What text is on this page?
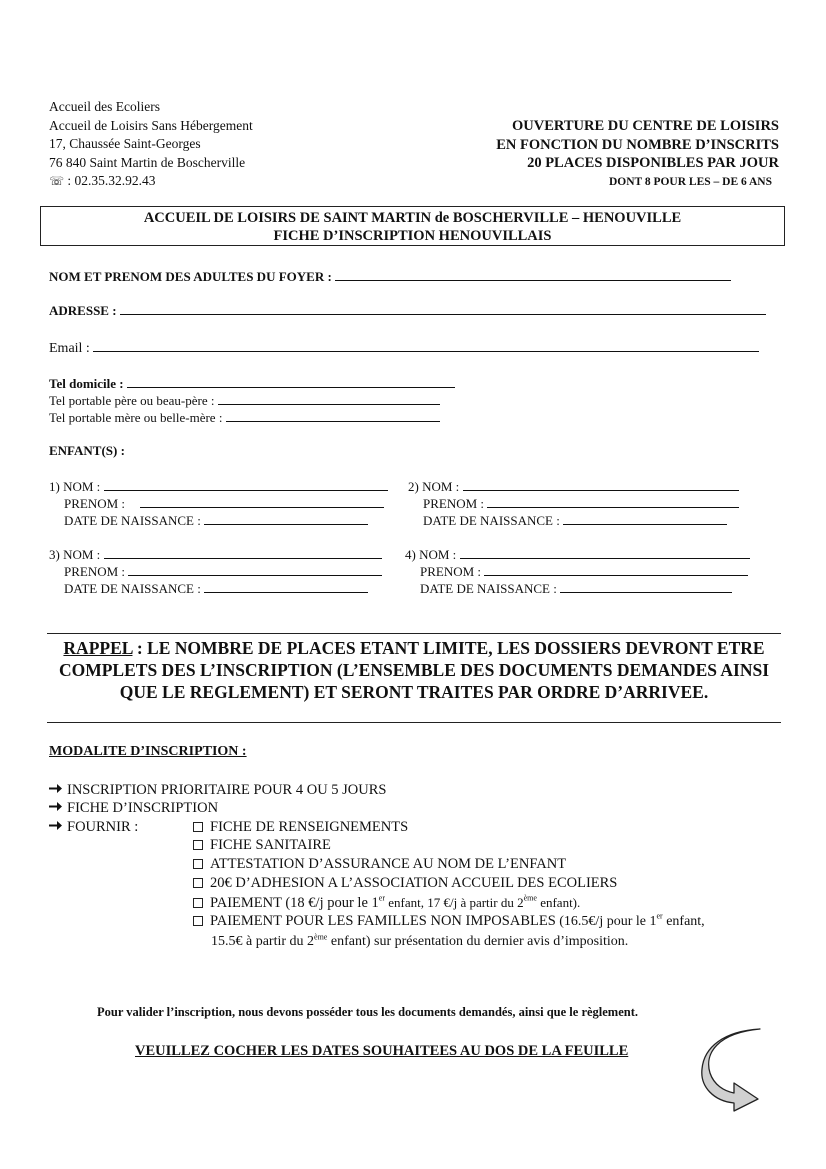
Accueil des Ecoliers
Accueil de Loisirs Sans Hébergement
17, Chaussée Saint-Georges
76 840 Saint Martin de Boscherville
☏ : 02.35.32.92.43
OUVERTURE DU CENTRE DE LOISIRS
EN FONCTION DU NOMBRE D’INSCRITS
20 PLACES DISPONIBLES PAR JOUR
DONT 8 POUR LES – DE 6 ANS
ACCUEIL DE LOISIRS DE SAINT MARTIN de BOSCHERVILLE – HENOUVILLE
FICHE D’INSCRIPTION HENOUVILLAIS
NOM ET PRENOM DES ADULTES DU FOYER :
ADRESSE :
Email :
Tel domicile :
Tel portable père ou beau-père :
Tel portable mère ou belle-mère :
ENFANT(S) :
1) NOM :
PRENOM :
DATE DE NAISSANCE :
2) NOM :
PRENOM :
DATE DE NAISSANCE :
3) NOM :
PRENOM :
DATE DE NAISSANCE :
4) NOM :
PRENOM :
DATE DE NAISSANCE :
RAPPEL : LE NOMBRE DE PLACES ETANT LIMITE, LES DOSSIERS DEVRONT ETRE COMPLETS DES L’INSCRIPTION (L’ENSEMBLE DES DOCUMENTS DEMANDES AINSI QUE LE REGLEMENT) ET SERONT TRAITES PAR ORDRE D’ARRIVEE.
MODALITE D’INSCRIPTION :
INSCRIPTION PRIORITAIRE POUR 4 OU 5 JOURS
FICHE D’INSCRIPTION
FOURNIR :	FICHE DE RENSEIGNEMENTS
FICHE SANITAIRE
ATTESTATION D’ASSURANCE AU NOM DE L’ENFANT
20€ D’ADHESION A L’ASSOCIATION ACCUEIL DES ECOLIERS
PAIEMENT (18 €/j pour le 1er enfant, 17 €/j à partir du 2ème enfant).
PAIEMENT POUR LES FAMILLES NON IMPOSABLES (16.5€/j pour le 1er enfant,
15.5€ à partir du 2ème enfant) sur présentation du dernier avis d’imposition.
Pour valider l’inscription, nous devons posséder tous les documents demandés, ainsi que le règlement.
VEUILLEZ COCHER LES DATES SOUHAITEES AU DOS DE LA FEUILLE
